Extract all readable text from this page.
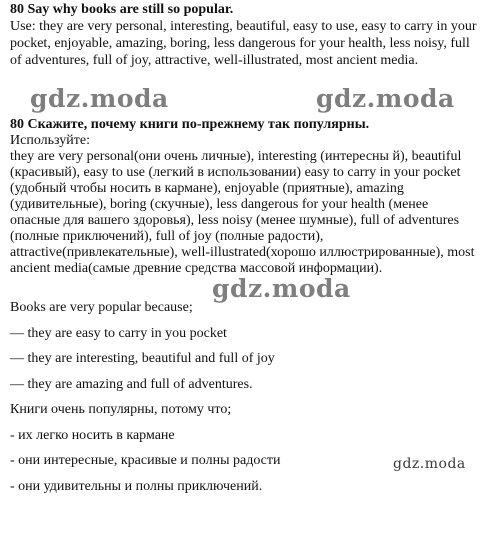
80 Say why books are still so popular.
Use: they are very personal, interesting, beautiful, easy to use, easy to carry in your pocket, enjoyable, amazing, boring, less dangerous for your health, less noisy, full of adventures, full of joy, attractive, well-illustrated, most ancient media.
gdz.moda	gdz.moda
80 Скажите, почему книги по-прежнему так популярны.
Используйте:
they are very personal(они очень личные), interesting (интересны й), beautiful (красивый), easy to use (легкий в использовании) easy to carry in your pocket (удобный чтобы носить в кармане), enjoyable (приятные), amazing (удивительные), boring (скучные), less dangerous for your health (менее опасные для вашего здоровья), less noisy (менее шумные), full of adventures (полные приключений), full of joy (полные радости), attractive(привлекательные), well-illustrated(хорошо иллюстрированные), most ancient media(самые древние средства массовой информации).
gdz.moda
Books are very popular because;
— they are easy to carry in you pocket
— they are interesting, beautiful and full of joy
— they are amazing and full of adventures.
Книги очень популярны, потому что;
- их легко носить в кармане
- они интересные, красивые и полны радости
- они удивительны и полны приключений.
gdz.moda
